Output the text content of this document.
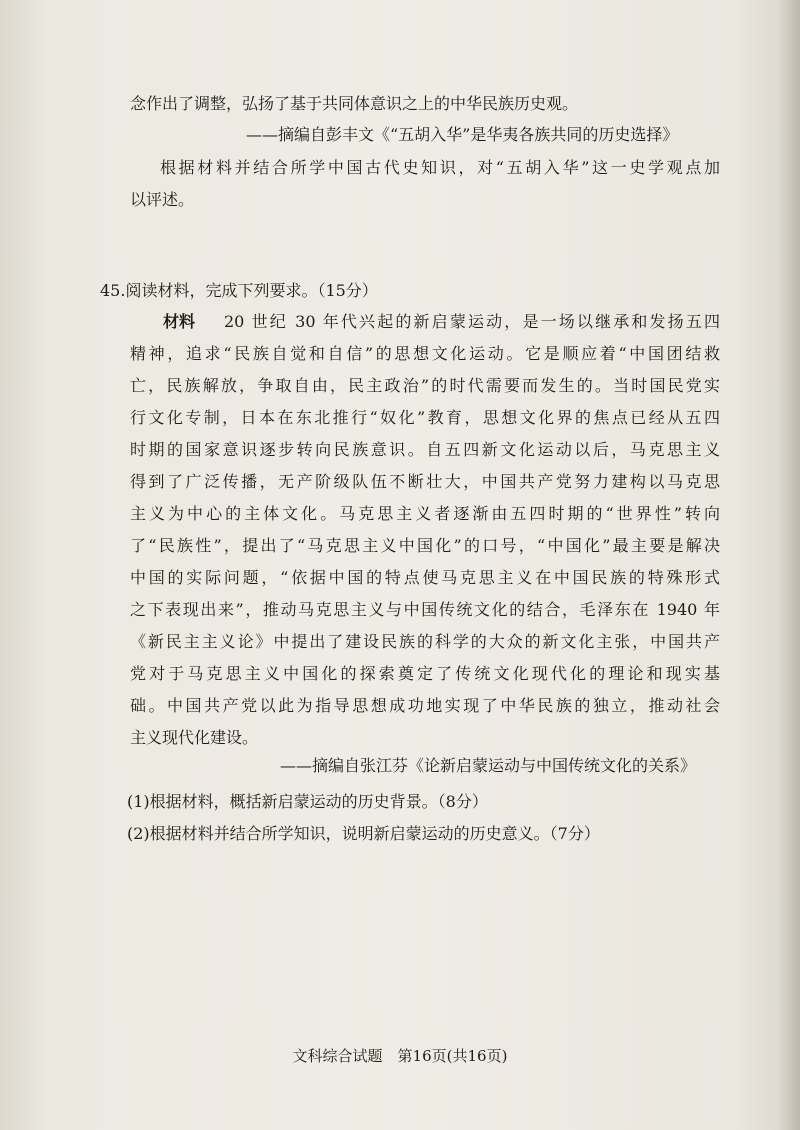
念作出了调整，弘扬了基于共同体意识之上的中华民族历史观。
——摘编自彭丰文《“五胡入华”是华夷各族共同的历史选择》
根据材料并结合所学中国古代史知识，对“五胡入华”这一史学观点加
以评述。
45.阅读材料，完成下列要求。（15分）
材料 20 世纪 30 年代兴起的新启蒙运动，是一场以继承和发扬五四
精神，追求“民族自觉和自信”的思想文化运动。它是顺应着“中国团结救
亡，民族解放，争取自由，民主政治”的时代需要而发生的。当时国民党实
行文化专制，日本在东北推行“奴化”教育，思想文化界的焦点已经从五四
时期的国家意识逐步转向民族意识。自五四新文化运动以后，马克思主义
得到了广泛传播，无产阶级队伍不断壮大，中国共产党努力建构以马克思
主义为中心的主体文化。马克思主义者逐渐由五四时期的“世界性”转向
了“民族性”，提出了“马克思主义中国化”的口号，“中国化”最主要是解决
中国的实际问题，“依据中国的特点使马克思主义在中国民族的特殊形式
之下表现出来”，推动马克思主义与中国传统文化的结合，毛泽东在 1940 年
《新民主主义论》中提出了建设民族的科学的大众的新文化主张，中国共产
党对于马克思主义中国化的探索奠定了传统文化现代化的理论和现实基
础。中国共产党以此为指导思想成功地实现了中华民族的独立，推动社会
主义现代化建设。
——摘编自张江芬《论新启蒙运动与中国传统文化的关系》
(1)根据材料，概括新启蒙运动的历史背景。（8分）
(2)根据材料并结合所学知识，说明新启蒙运动的历史意义。（7分）
文科综合试题　第16页(共16页)
